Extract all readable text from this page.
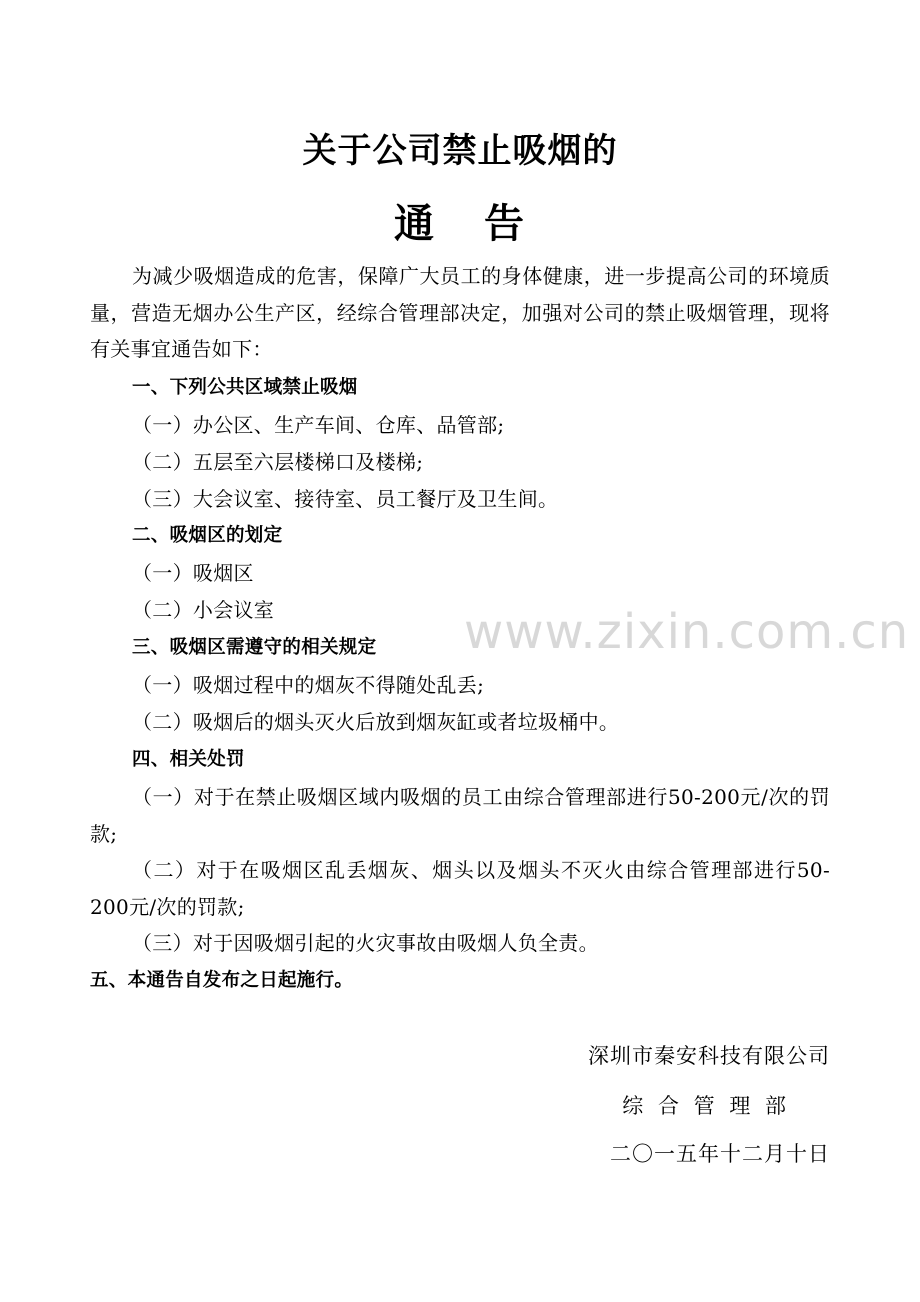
www.zixin.com.cn
关于公司禁止吸烟的
通 告

为减少吸烟造成的危害，保障广大员工的身体健康，进一步提高公司的环境质量，营造无烟办公生产区，经综合管理部决定，加强对公司的禁止吸烟管理，现将有关事宜通告如下：

一、下列公共区域禁止吸烟
（一）办公区、生产车间、仓库、品管部;
（二）五层至六层楼梯口及楼梯;
（三）大会议室、接待室、员工餐厅及卫生间。
二、吸烟区的划定
（一）吸烟区
（二）小会议室
三、吸烟区需遵守的相关规定
（一）吸烟过程中的烟灰不得随处乱丢;
（二）吸烟后的烟头灭火后放到烟灰缸或者垃圾桶中。
四、相关处罚

（一）对于在禁止吸烟区域内吸烟的员工由综合管理部进行50-200元/次的罚款;

（二）对于在吸烟区乱丢烟灰、烟头以及烟头不灭火由综合管理部进行50-200元/次的罚款;

（三）对于因吸烟引起的火灾事故由吸烟人负全责。

五、本通告自发布之日起施行。
深圳市秦安科技有限公司
综 合 管 理 部
二〇一五年十二月十日
